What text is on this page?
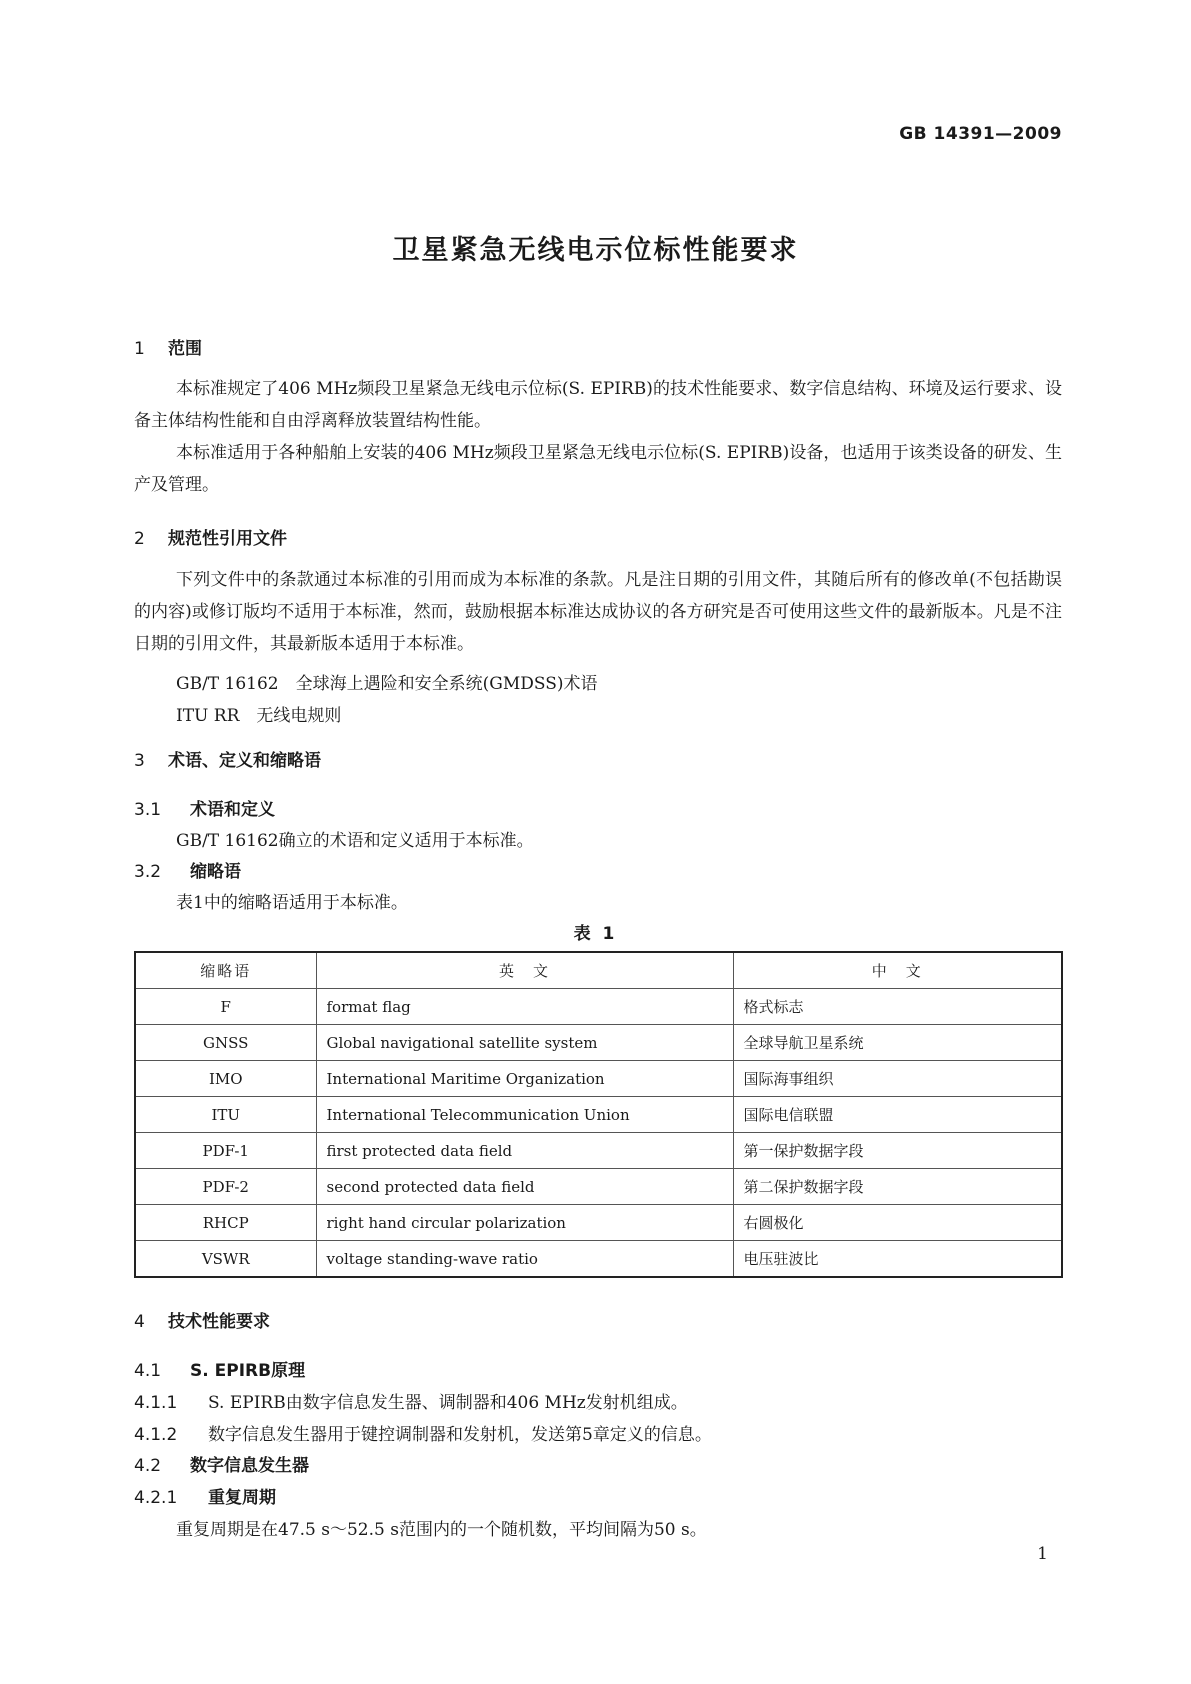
GB 14391—2009
卫星紧急无线电示位标性能要求
1 范围
本标准规定了406 MHz频段卫星紧急无线电示位标(S. EPIRB)的技术性能要求、数字信息结构、环境及运行要求、设备主体结构性能和自由浮离释放装置结构性能。
本标准适用于各种船舶上安装的406 MHz频段卫星紧急无线电示位标(S. EPIRB)设备，也适用于该类设备的研发、生产及管理。
2 规范性引用文件
下列文件中的条款通过本标准的引用而成为本标准的条款。凡是注日期的引用文件，其随后所有的修改单(不包括勘误的内容)或修订版均不适用于本标准，然而，鼓励根据本标准达成协议的各方研究是否可使用这些文件的最新版本。凡是不注日期的引用文件，其最新版本适用于本标准。
GB/T 16162　 全球海上遇险和安全系统(GMDSS)术语
ITU RR　 无线电规则
3 术语、定义和缩略语
3.1 术语和定义
GB/T 16162确立的术语和定义适用于本标准。
3.2 缩略语
表1中的缩略语适用于本标准。
表 1
缩略语	英　文	中　文
F	format flag	格式标志
GNSS	Global navigational satellite system	全球导航卫星系统
IMO	International Maritime Organization	国际海事组织
ITU	International Telecommunication Union	国际电信联盟
PDF-1	first protected data field	第一保护数据字段
PDF-2	second protected data field	第二保护数据字段
RHCP	right hand circular polarization	右圆极化
VSWR	voltage standing-wave ratio	电压驻波比
4 技术性能要求
4.1 S. EPIRB原理
4.1.1 S. EPIRB由数字信息发生器、调制器和406 MHz发射机组成。
4.1.2 数字信息发生器用于键控调制器和发射机，发送第5章定义的信息。
4.2 数字信息发生器
4.2.1 重复周期
重复周期是在47.5 s～52.5 s范围内的一个随机数，平均间隔为50 s。
1
